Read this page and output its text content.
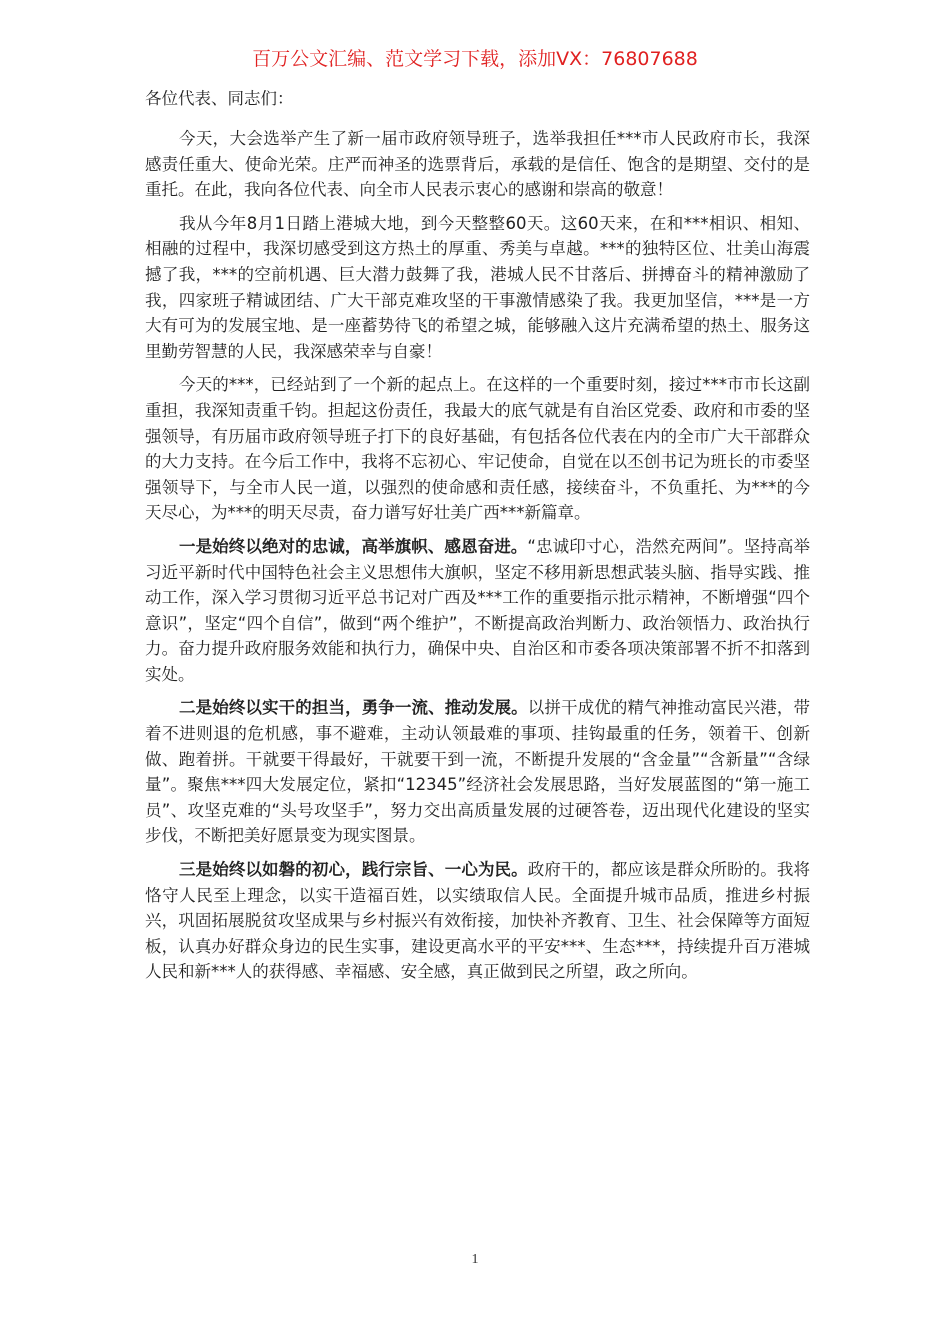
百万公文汇编、范文学习下载，添加VX：76807688

各位代表、同志们：

今天，大会选举产生了新一届市政府领导班子，选举我担任***市人民政府市长，我深感责任重大、使命光荣。庄严而神圣的选票背后，承载的是信任、饱含的是期望、交付的是重托。在此，我向各位代表、向全市人民表示衷心的感谢和崇高的敬意！

我从今年8月1日踏上港城大地，到今天整整60天。这60天来，在和***相识、相知、相融的过程中，我深切感受到这方热土的厚重、秀美与卓越。***的独特区位、壮美山海震撼了我，***的空前机遇、巨大潜力鼓舞了我，港城人民不甘落后、拼搏奋斗的精神激励了我，四家班子精诚团结、广大干部克难攻坚的干事激情感染了我。我更加坚信，***是一方大有可为的发展宝地、是一座蓄势待飞的希望之城，能够融入这片充满希望的热土、服务这里勤劳智慧的人民，我深感荣幸与自豪！

今天的***，已经站到了一个新的起点上。在这样的一个重要时刻，接过***市市长这副重担，我深知责重千钧。担起这份责任，我最大的底气就是有自治区党委、政府和市委的坚强领导，有历届市政府领导班子打下的良好基础，有包括各位代表在内的全市广大干部群众的大力支持。在今后工作中，我将不忘初心、牢记使命，自觉在以丕创书记为班长的市委坚强领导下，与全市人民一道，以强烈的使命感和责任感，接续奋斗，不负重托、为***的今天尽心，为***的明天尽责，奋力谱写好壮美广西***新篇章。

一是始终以绝对的忠诚，高举旗帜、感恩奋进。“忠诚印寸心，浩然充两间”。坚持高举习近平新时代中国特色社会主义思想伟大旗帜，坚定不移用新思想武装头脑、指导实践、推动工作，深入学习贯彻习近平总书记对广西及***工作的重要指示批示精神，不断增强“四个意识”，坚定“四个自信”，做到“两个维护”，不断提高政治判断力、政治领悟力、政治执行力。奋力提升政府服务效能和执行力，确保中央、自治区和市委各项决策部署不折不扣落到实处。

二是始终以实干的担当，勇争一流、推动发展。以拼干成优的精气神推动富民兴港，带着不进则退的危机感，事不避难，主动认领最难的事项、挂钩最重的任务，领着干、创新做、跑着拼。干就要干得最好，干就要干到一流，不断提升发展的“含金量”“含新量”“含绿量”。聚焦***四大发展定位，紧扣“12345”经济社会发展思路，当好发展蓝图的“第一施工员”、攻坚克难的“头号攻坚手”，努力交出高质量发展的过硬答卷，迈出现代化建设的坚实步伐，不断把美好愿景变为现实图景。

三是始终以如磐的初心，践行宗旨、一心为民。政府干的，都应该是群众所盼的。我将恪守人民至上理念，以实干造福百姓，以实绩取信人民。全面提升城市品质，推进乡村振兴，巩固拓展脱贫攻坚成果与乡村振兴有效衔接，加快补齐教育、卫生、社会保障等方面短板，认真办好群众身边的民生实事，建设更高水平的平安***、生态***，持续提升百万港城人民和新***人的获得感、幸福感、安全感，真正做到民之所望，政之所向。

1
